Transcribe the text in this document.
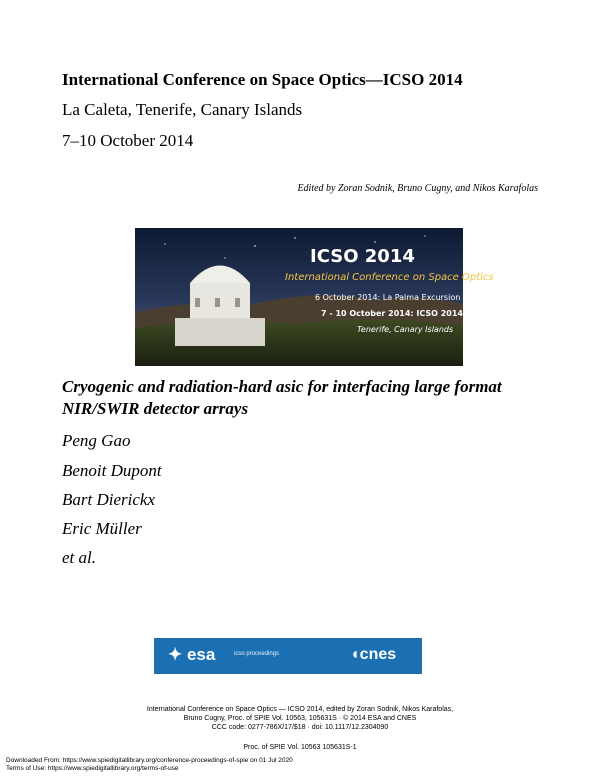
International Conference on Space Optics—ICSO 2014
La Caleta, Tenerife, Canary Islands
7–10 October 2014
Edited by Zoran Sodnik, Bruno Cugny, and Nikos Karafolas
ICSO 2014
International Conference on Space Optics
6 October 2014: La Palma Excursion
7 - 10 October 2014: ICSO 2014
Tenerife, Canary Islands
Cryogenic and radiation-hard asic for interfacing large format
NIR/SWIR detector arrays
Peng Gao
Benoit Dupont
Bart Dierickx
Eric Müller
et al.
✦ esa	icso proceedings	◖cnes
International Conference on Space Optics — ICSO 2014, edited by Zoran Sodnik, Nikos Karafolas,
Bruno Cugny, Proc. of SPIE Vol. 10563, 105631S · © 2014 ESA and CNES
CCC code: 0277-786X/17/$18 · doi: 10.1117/12.2304090
Proc. of SPIE Vol. 10563 105631S-1
Downloaded From: https://www.spiedigitallibrary.org/conference-proceedings-of-spie on 01 Jul 2020
Terms of Use: https://www.spiedigitallibrary.org/terms-of-use
